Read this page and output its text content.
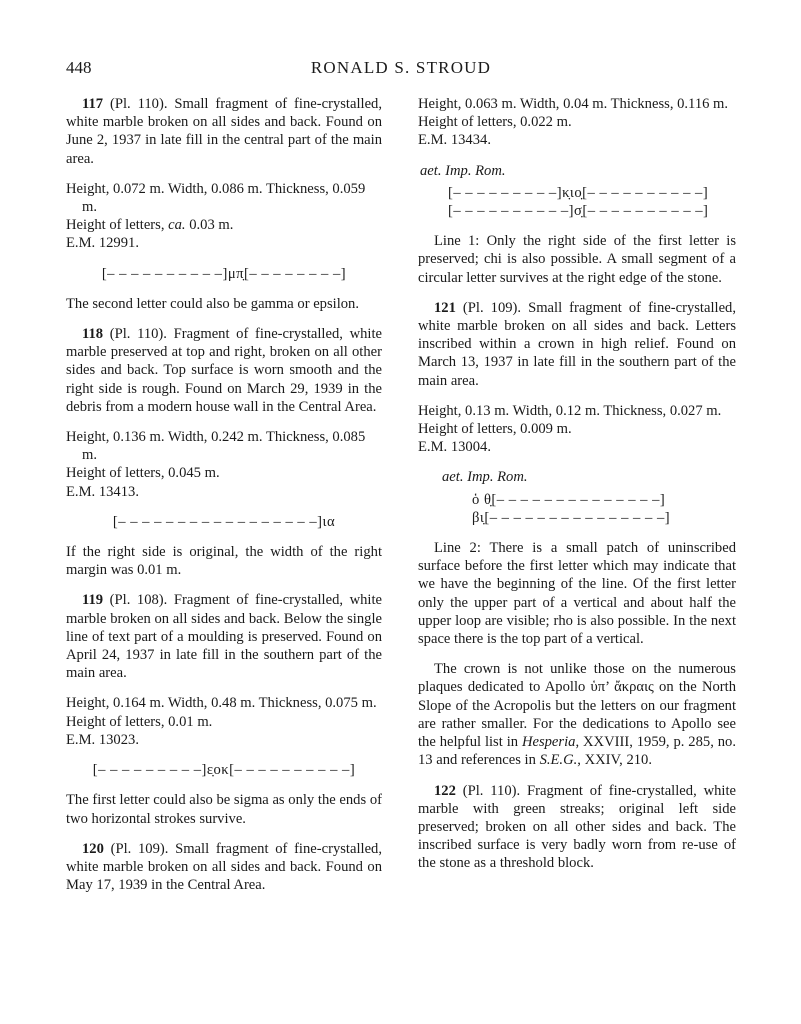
448	RONALD S. STROUD

117 (Pl. 110). Small fragment of fine-crystalled, white marble broken on all sides and back. Found on June 2, 1937 in late fill in the central part of the main area.

Height, 0.072 m. Width, 0.086 m. Thickness, 0.059 m.
Height of letters, ca. 0.03 m.
E.M. 12991.
[– – – – – – – – – –]μπ̣[– – – – – – – –]

The second letter could also be gamma or epsilon.

118 (Pl. 110). Fragment of fine-crystalled, white marble preserved at top and right, broken on all other sides and back. Top surface is worn smooth and the right side is rough. Found on March 29, 1939 in the debris from a modern house wall in the Central Area.

Height, 0.136 m. Width, 0.242 m. Thickness, 0.085 m.
Height of letters, 0.045 m.
E.M. 13413.
[– – – – – – – – – – – – – – – – –]ια

If the right side is original, the width of the right margin was 0.01 m.

119 (Pl. 108). Fragment of fine-crystalled, white marble broken on all sides and back. Below the single line of text part of a moulding is preserved. Found on April 24, 1937 in late fill in the southern part of the main area.

Height, 0.164 m. Width, 0.48 m. Thickness, 0.075 m.
Height of letters, 0.01 m.
E.M. 13023.
[– – – – – – – – –]ε̣οκ[– – – – – – – – – –]

The first letter could also be sigma as only the ends of two horizontal strokes survive.

120 (Pl. 109). Small fragment of fine-crystalled, white marble broken on all sides and back. Found on May 17, 1939 in the Central Area.

Height, 0.063 m. Width, 0.04 m. Thickness, 0.116 m.
Height of letters, 0.022 m.
E.M. 13434.
aet. Imp. Rom.
[– – – – – – – – –]κ̣ιο̣[– – – – – – – – – –]
[– – – – – – – – – –]σ̣[– – – – – – – – – –]

Line 1: Only the right side of the first letter is preserved; chi is also possible. A small segment of a circular letter survives at the right edge of the stone.

121 (Pl. 109). Small fragment of fine-crystalled, white marble broken on all sides and back. Letters inscribed within a crown in high relief. Found on March 13, 1937 in late fill in the southern part of the main area.

Height, 0.13 m. Width, 0.12 m. Thickness, 0.027 m.
Height of letters, 0.009 m.
E.M. 13004.
aet. Imp. Rom.
ὁ θ̣[– – – – – – – – – – – – – –]
βι̣[– – – – – – – – – – – – – – –]

Line 2: There is a small patch of uninscribed surface before the first letter which may indicate that we have the beginning of the line. Of the first letter only the upper part of a vertical and about half the upper loop are visible; rho is also possible. In the next space there is the top part of a vertical.

The crown is not unlike those on the numerous plaques dedicated to Apollo ὑπ’ ἄκραις on the North Slope of the Acropolis but the letters on our fragment are rather smaller. For the dedications to Apollo see the helpful list in Hesperia, XXVIII, 1959, p. 285, no. 13 and references in S.E.G., XXIV, 210.

122 (Pl. 110). Fragment of fine-crystalled, white marble with green streaks; original left side preserved; broken on all other sides and back. The inscribed surface is very badly worn from re-use of the stone as a threshold block.
